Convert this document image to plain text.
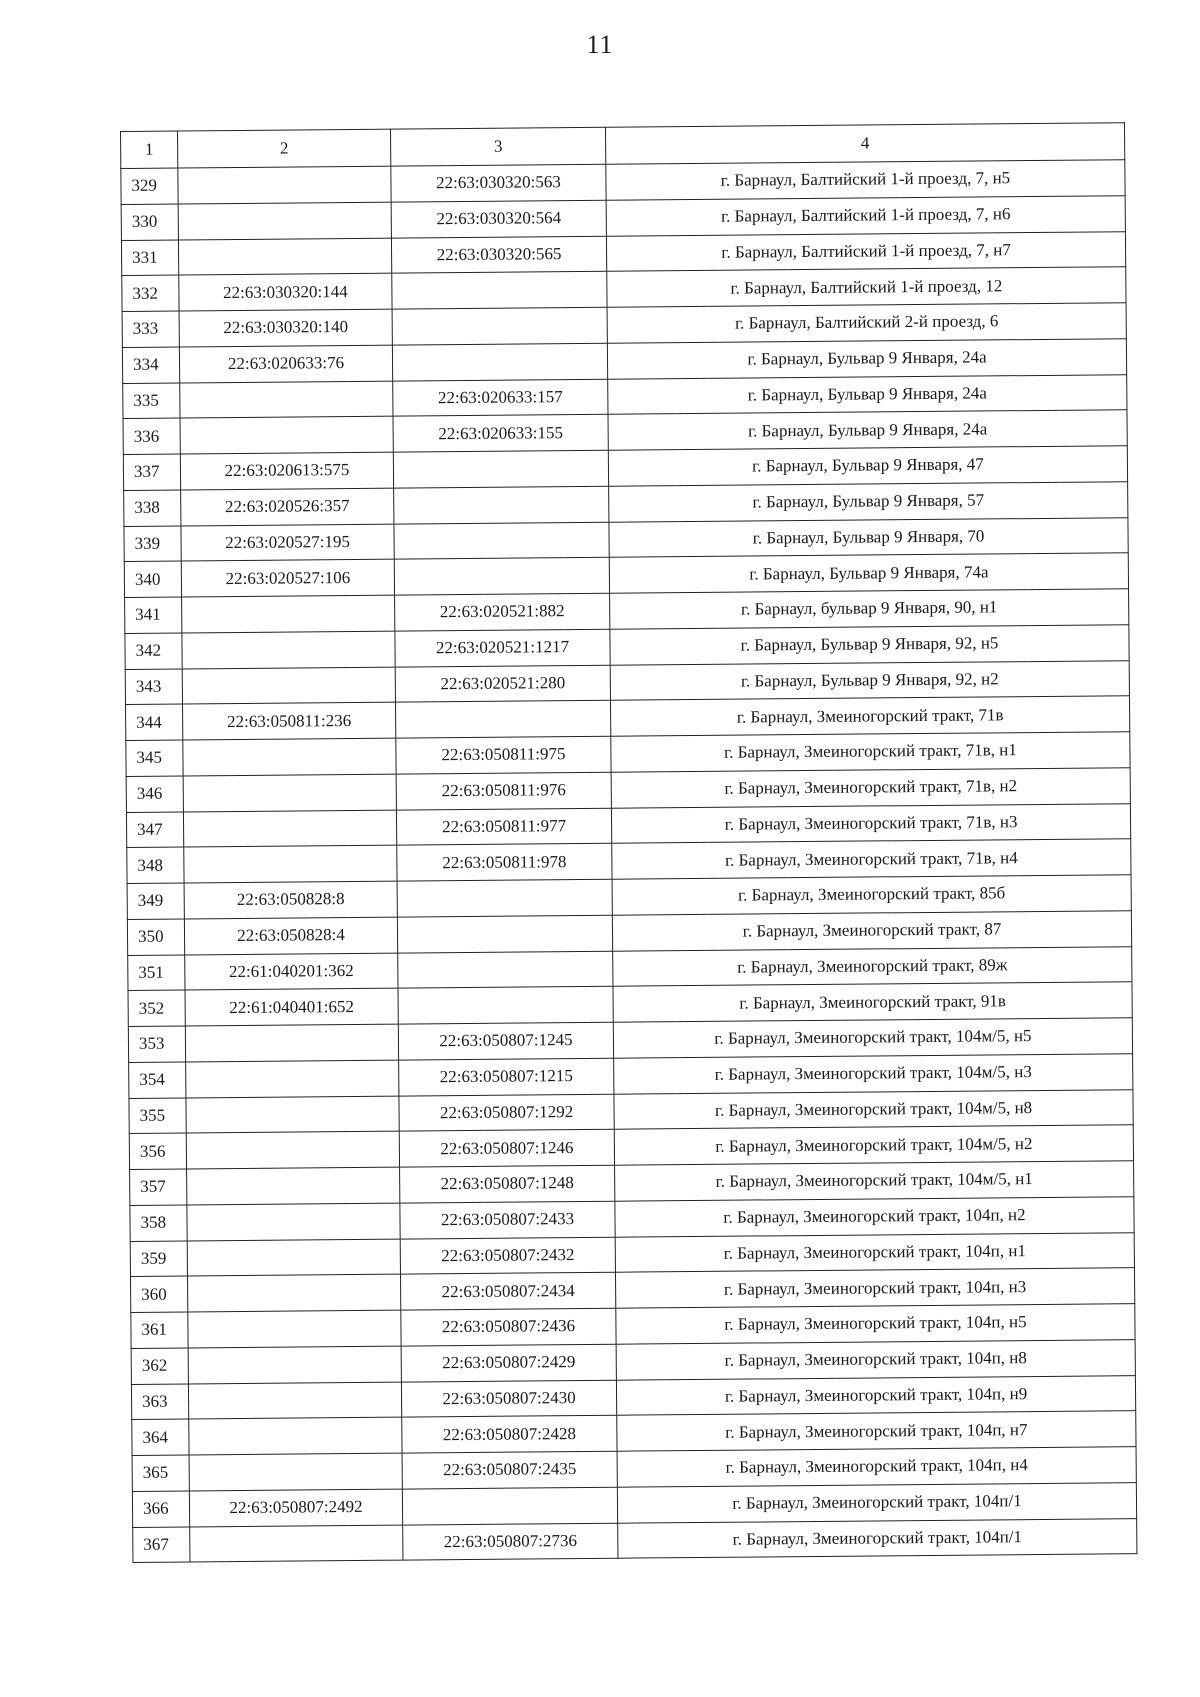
11
1	2	3	4
329		22:63:030320:563	г. Барнаул, Балтийский 1-й проезд, 7, н5
330		22:63:030320:564	г. Барнаул, Балтийский 1-й проезд, 7, н6
331		22:63:030320:565	г. Барнаул, Балтийский 1-й проезд, 7, н7
332	22:63:030320:144		г. Барнаул, Балтийский 1-й проезд, 12
333	22:63:030320:140		г. Барнаул, Балтийский 2-й проезд, 6
334	22:63:020633:76		г. Барнаул, Бульвар 9 Января, 24а
335		22:63:020633:157	г. Барнаул, Бульвар 9 Января, 24а
336		22:63:020633:155	г. Барнаул, Бульвар 9 Января, 24а
337	22:63:020613:575		г. Барнаул, Бульвар 9 Января, 47
338	22:63:020526:357		г. Барнаул, Бульвар 9 Января, 57
339	22:63:020527:195		г. Барнаул, Бульвар 9 Января, 70
340	22:63:020527:106		г. Барнаул, Бульвар 9 Января, 74а
341		22:63:020521:882	г. Барнаул, бульвар 9 Января, 90, н1
342		22:63:020521:1217	г. Барнаул, Бульвар 9 Января, 92, н5
343		22:63:020521:280	г. Барнаул, Бульвар 9 Января, 92, н2
344	22:63:050811:236		г. Барнаул, Змеиногорский тракт, 71в
345		22:63:050811:975	г. Барнаул, Змеиногорский тракт, 71в, н1
346		22:63:050811:976	г. Барнаул, Змеиногорский тракт, 71в, н2
347		22:63:050811:977	г. Барнаул, Змеиногорский тракт, 71в, н3
348		22:63:050811:978	г. Барнаул, Змеиногорский тракт, 71в, н4
349	22:63:050828:8		г. Барнаул, Змеиногорский тракт, 85б
350	22:63:050828:4		г. Барнаул, Змеиногорский тракт, 87
351	22:61:040201:362		г. Барнаул, Змеиногорский тракт, 89ж
352	22:61:040401:652		г. Барнаул, Змеиногорский тракт, 91в
353		22:63:050807:1245	г. Барнаул, Змеиногорский тракт, 104м/5, н5
354		22:63:050807:1215	г. Барнаул, Змеиногорский тракт, 104м/5, н3
355		22:63:050807:1292	г. Барнаул, Змеиногорский тракт, 104м/5, н8
356		22:63:050807:1246	г. Барнаул, Змеиногорский тракт, 104м/5, н2
357		22:63:050807:1248	г. Барнаул, Змеиногорский тракт, 104м/5, н1
358		22:63:050807:2433	г. Барнаул, Змеиногорский тракт, 104п, н2
359		22:63:050807:2432	г. Барнаул, Змеиногорский тракт, 104п, н1
360		22:63:050807:2434	г. Барнаул, Змеиногорский тракт, 104п, н3
361		22:63:050807:2436	г. Барнаул, Змеиногорский тракт, 104п, н5
362		22:63:050807:2429	г. Барнаул, Змеиногорский тракт, 104п, н8
363		22:63:050807:2430	г. Барнаул, Змеиногорский тракт, 104п, н9
364		22:63:050807:2428	г. Барнаул, Змеиногорский тракт, 104п, н7
365		22:63:050807:2435	г. Барнаул, Змеиногорский тракт, 104п, н4
366	22:63:050807:2492		г. Барнаул, Змеиногорский тракт, 104п/1
367		22:63:050807:2736	г. Барнаул, Змеиногорский тракт, 104п/1
